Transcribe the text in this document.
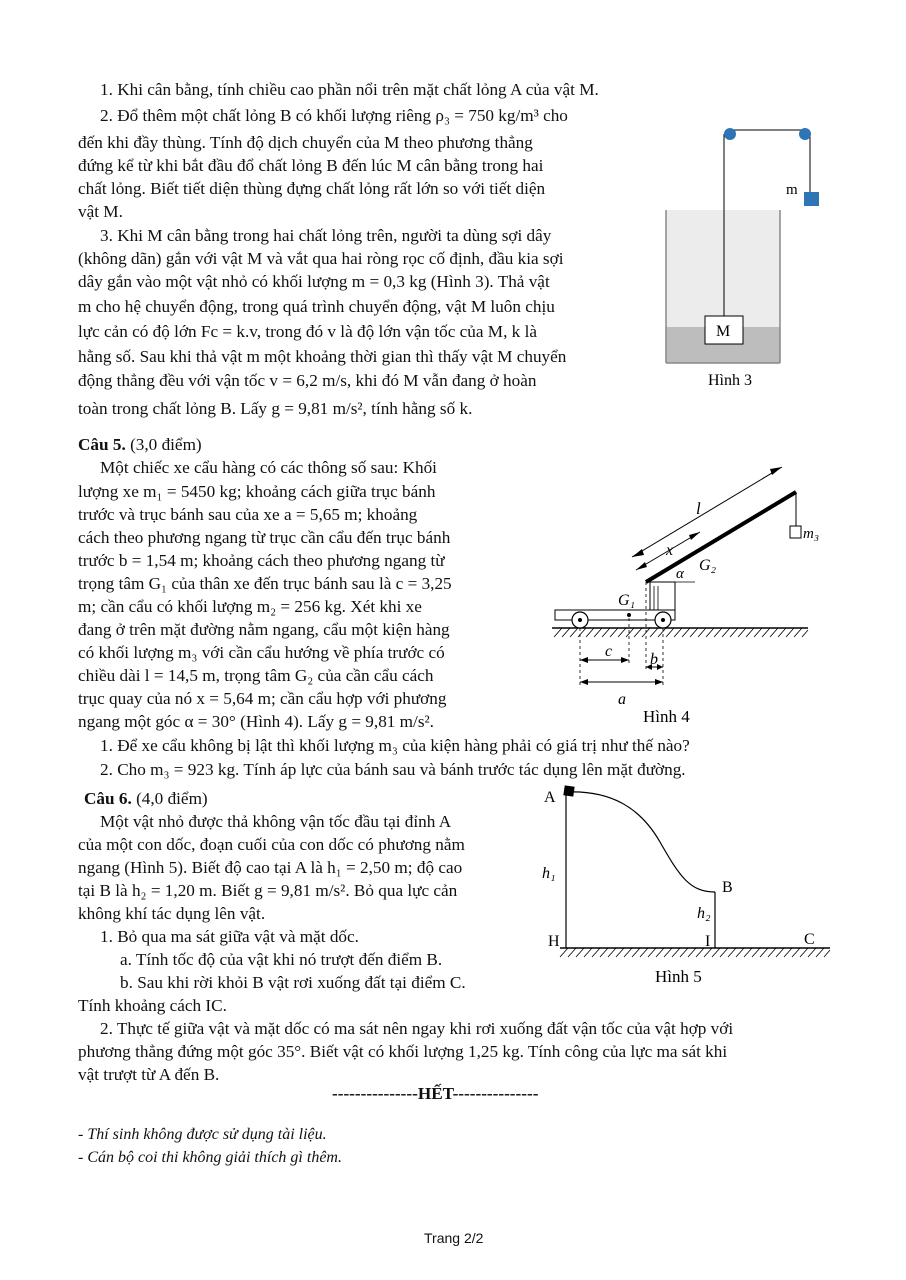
1. Khi cân bằng, tính chiều cao phần nổi trên mặt chất lỏng A của vật M.
2. Đổ thêm một chất lỏng B có khối lượng riêng ρ₃ = 750 kg/m³ cho
đến khi đầy thùng. Tính độ dịch chuyển của M theo phương thẳng
đứng kể từ khi bắt đầu đổ chất lỏng B đến lúc M cân bằng trong hai
chất lỏng. Biết tiết diện thùng đựng chất lỏng rất lớn so với tiết diện
vật M.
3. Khi M cân bằng trong hai chất lỏng trên, người ta dùng sợi dây
(không dãn) gắn với vật M và vắt qua hai ròng rọc cố định, đầu kia sợi
dây gắn vào một vật nhỏ có khối lượng m = 0,3 kg (Hình 3). Thả vật
m cho hệ chuyển động, trong quá trình chuyển động, vật M luôn chịu
lực cản có độ lớn Fc = k.v, trong đó v là độ lớn vận tốc của M, k là
hằng số. Sau khi thả vật m một khoảng thời gian thì thấy vật M chuyển
động thẳng đều với vận tốc v = 6,2 m/s, khi đó M vẫn đang ở hoàn
toàn trong chất lỏng B. Lấy g = 9,81 m/s², tính hằng số k.
m
M
Hình 3
Câu 5. (3,0 điểm)
Một chiếc xe cẩu hàng có các thông số sau: Khối
lượng xe m₁ = 5450 kg; khoảng cách giữa trục bánh
trước và trục bánh sau của xe a = 5,65 m; khoảng
cách theo phương ngang từ trục cần cẩu đến trục bánh
trước b = 1,54 m; khoảng cách theo phương ngang từ
trọng tâm G₁ của thân xe đến trục bánh sau là c = 3,25
m; cần cẩu có khối lượng m₂ = 256 kg. Xét khi xe
đang ở trên mặt đường nằm ngang, cẩu một kiện hàng
có khối lượng m₃ với cần cẩu hướng về phía trước có
chiều dài l = 14,5 m, trọng tâm G₂ của cần cẩu cách
trục quay của nó x = 5,64 m; cần cẩu hợp với phương
ngang một góc α = 30° (Hình 4). Lấy g = 9,81 m/s².
1. Để xe cẩu không bị lật thì khối lượng m₃ của kiện hàng phải có giá trị như thế nào?
2. Cho m₃ = 923 kg. Tính áp lực của bánh sau và bánh trước tác dụng lên mặt đường.
l
x
G₂
α
G₁
m₃
c b
a
Hình 4
Câu 6. (4,0 điểm)
Một vật nhỏ được thả không vận tốc đầu tại đỉnh A
của một con dốc, đoạn cuối của con dốc có phương nằm
ngang (Hình 5). Biết độ cao tại A là h₁ = 2,50 m; độ cao
tại B là h₂ = 1,20 m. Biết g = 9,81 m/s². Bỏ qua lực cản
không khí tác dụng lên vật.
1. Bỏ qua ma sát giữa vật và mặt dốc.
a. Tính tốc độ của vật khi nó trượt đến điểm B.
b. Sau khi rời khỏi B vật rơi xuống đất tại điểm C.
Tính khoảng cách IC.
2. Thực tế giữa vật và mặt dốc có ma sát nên ngay khi rơi xuống đất vận tốc của vật hợp với
phương thẳng đứng một góc 35°. Biết vật có khối lượng 1,25 kg. Tính công của lực ma sát khi
vật trượt từ A đến B.
A
h₁
B
h₂
H	I	C
Hình 5
---------------HẾT---------------
- Thí sinh không được sử dụng tài liệu.
- Cán bộ coi thi không giải thích gì thêm.
Trang 2/2
